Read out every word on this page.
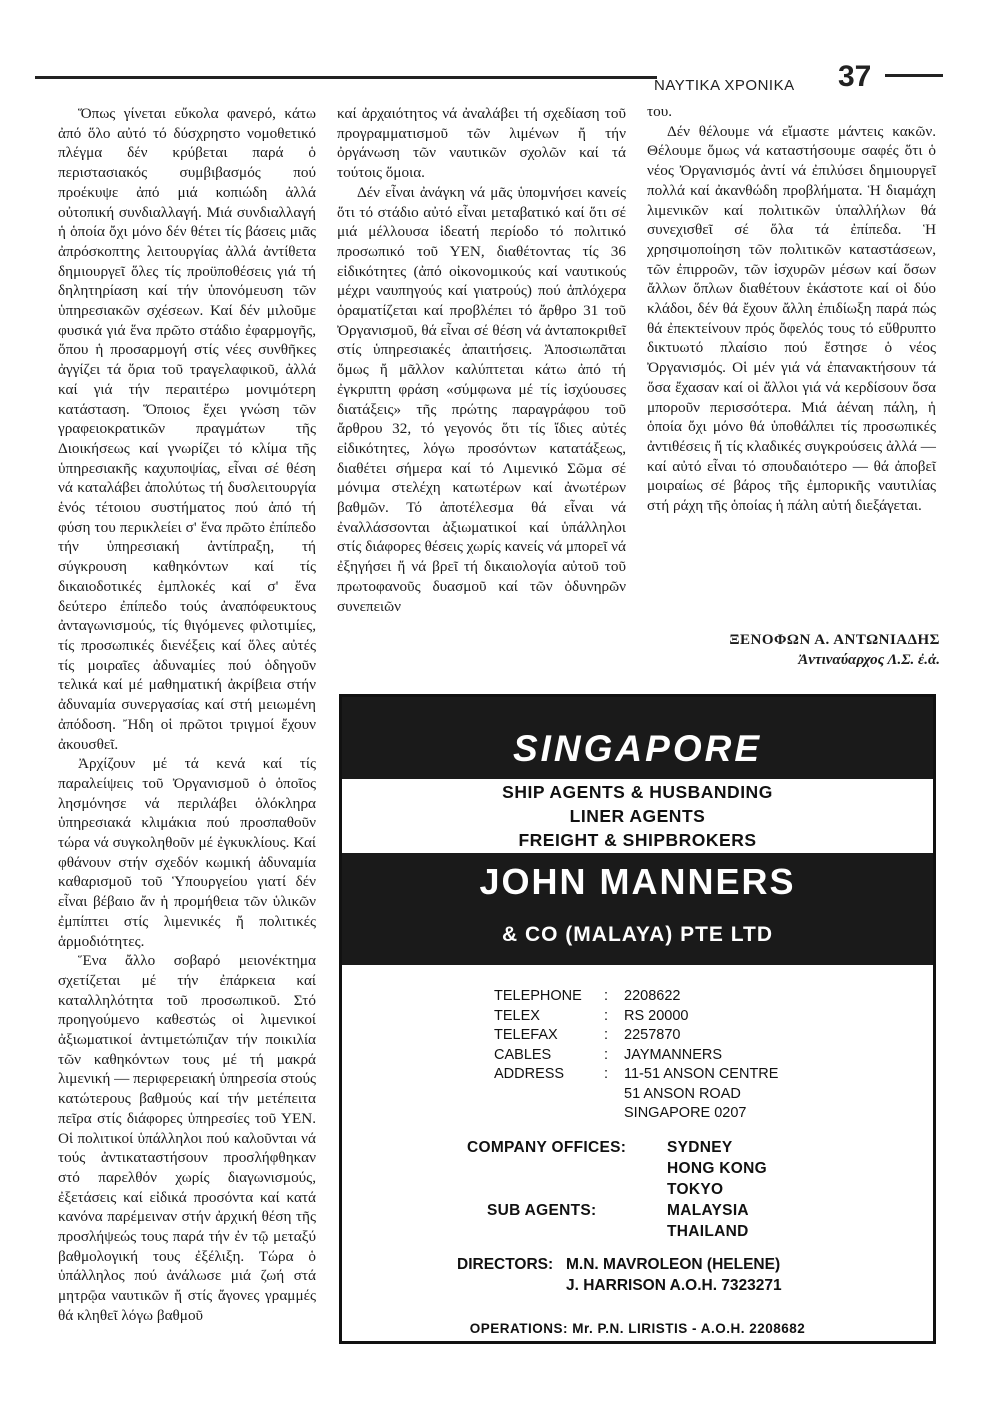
ΝΑΥΤΙΚΑ ΧΡΟΝΙΚΑ 37

Ὅπως γίνεται εὔκολα φανερό, κάτω ἀπό ὅλο αὐτό τό δύσχρηστο νομοθετικό πλέγμα δέν κρύβεται παρά ὁ περιστασιακός συμβιβασμός πού προέκυψε ἀπό μιά κοπιώδη ἀλλά οὐτοπική συνδιαλλαγή. Μιά συνδιαλλαγή ἡ ὁποία ὄχι μόνο δέν θέτει τίς βάσεις μιᾶς ἀπρόσκοπτης λειτουργίας ἀλλά ἀντίθετα δημιουργεῖ ὅλες τίς προϋποθέσεις γιά τή δηλητηρίαση καί τήν ὑπονόμευση τῶν ὑπηρεσιακῶν σχέσεων. Καί δέν μιλοῦμε φυσικά γιά ἕνα πρῶτο στάδιο ἐφαρμογῆς, ὅπου ἡ προσαρμογή στίς νέες συνθῆκες ἀγγίζει τά ὅρια τοῦ τραγελαφικοῦ, ἀλλά καί γιά τήν περαιτέρω μονιμότερη κατάσταση. Ὅποιος ἔχει γνώση τῶν γραφειοκρατικῶν πραγμάτων τῆς Διοικήσεως καί γνωρίζει τό κλίμα τῆς ὑπηρεσιακῆς καχυποψίας, εἶναι σέ θέση νά καταλάβει ἀπολύτως τή δυσλειτουργία ἑνός τέτοιου συστήματος πού ἀπό τή φύση του περικλείει σ' ἕνα πρῶτο ἐπίπεδο τήν ὑπηρεσιακή ἀντίπραξη, τή σύγκρουση καθηκόντων καί τίς δικαιοδοτικές ἐμπλοκές καί σ' ἕνα δεύτερο ἐπίπεδο τούς ἀναπόφευκτους ἀνταγωνισμούς, τίς θιγόμενες φιλοτιμίες, τίς προσωπικές διενέξεις καί ὅλες αὐτές τίς μοιραῖες ἀδυναμίες πού ὁδηγοῦν τελικά καί μέ μαθηματική ἀκρίβεια στήν ἀδυναμία συνεργασίας καί στή μειωμένη ἀπόδοση. Ἤδη οἱ πρῶτοι τριγμοί ἔχουν ἀκουσθεῖ.

Ἀρχίζουν μέ τά κενά καί τίς παραλείψεις τοῦ Ὀργανισμοῦ ὁ ὁποῖος λησμόνησε νά περιλάβει ὁλόκληρα ὑπηρεσιακά κλιμάκια πού προσπαθοῦν τώρα νά συγκοληθοῦν μέ ἐγκυκλίους. Καί φθάνουν στήν σχεδόν κωμική ἀδυναμία καθαρισμοῦ τοῦ Ὑπουργείου γιατί δέν εἶναι βέβαιο ἄν ἡ προμήθεια τῶν ὑλικῶν ἐμπίπτει στίς λιμενικές ἤ πολιτικές ἁρμοδιότητες.

Ἕνα ἄλλο σοβαρό μειονέκτημα σχετίζεται μέ τήν ἐπάρκεια καί καταλληλότητα τοῦ προσωπικοῦ. Στό προηγούμενο καθεστώς οἱ λιμενικοί ἀξιωματικοί ἀντιμετώπιζαν τήν ποικιλία τῶν καθηκόντων τους μέ τή μακρά λιμενική — περιφερειακή ὑπηρεσία στούς κατώτερους βαθμούς καί τήν μετέπειτα πεῖρα στίς διάφορες ὑπηρεσίες τοῦ ΥΕΝ. Οἱ πολιτικοί ὑπάλληλοι πού καλοῦνται νά τούς ἀντικαταστήσουν προσλήφθηκαν στό παρελθόν χωρίς διαγωνισμούς, ἐξετάσεις καί εἰδικά προσόντα καί κατά κανόνα παρέμειναν στήν ἀρχική θέση τῆς προσλήψεώς τους παρά τήν ἐν τῷ μεταξύ βαθμολογική τους ἐξέλιξη. Τώρα ὁ ὑπάλληλος πού ἀνάλωσε μιά ζωή στά μητρῷα ναυτικῶν ἤ στίς ἄγονες γραμμές θά κληθεῖ λόγω βαθμοῦ

καί ἀρχαιότητος νά ἀναλάβει τή σχεδίαση τοῦ προγραμματισμοῦ τῶν λιμένων ἤ τήν ὀργάνωση τῶν ναυτικῶν σχολῶν καί τά τούτοις ὅμοια.

Δέν εἶναι ἀνάγκη νά μᾶς ὑπομνήσει κανείς ὅτι τό στάδιο αὐτό εἶναι μεταβατικό καί ὅτι σέ μιά μέλλουσα ἰδεατή περίοδο τό πολιτικό προσωπικό τοῦ ΥΕΝ, διαθέτοντας τίς 36 εἰδικότητες (ἀπό οἰκονομικούς καί ναυτικούς μέχρι ναυπηγούς καί γιατρούς) πού ἁπλόχερα ὁραματίζεται καί προβλέπει τό ἄρθρο 31 τοῦ Ὀργανισμοῦ, θά εἶναι σέ θέση νά ἀνταποκριθεῖ στίς ὑπηρεσιακές ἀπαιτήσεις. Ἀποσιωπᾶται ὅμως ἤ μᾶλλον καλύπτεται κάτω ἀπό τή ἐγκριπτη φράση «σύμφωνα μέ τίς ἰσχύουσες διατάξεις» τῆς πρώτης παραγράφου τοῦ ἄρθρου 32, τό γεγονός ὅτι τίς ἴδιες αὐτές εἰδικότητες, λόγω προσόντων κατατάξεως, διαθέτει σήμερα καί τό Λιμενικό Σῶμα σέ μόνιμα στελέχη κατωτέρων καί ἀνωτέρων βαθμῶν. Τό ἀποτέλεσμα θά εἶναι νά ἐναλλάσσονται ἀξιωματικοί καί ὑπάλληλοι στίς διάφορες θέσεις χωρίς κανείς νά μπορεῖ νά ἐξηγήσει ἤ νά βρεῖ τή δικαιολογία αὐτοῦ τοῦ πρωτοφανοῦς δυασμοῦ καί τῶν ὀδυνηρῶν συνεπειῶν

του.

Δέν θέλουμε νά εἴμαστε μάντεις κακῶν. Θέλουμε ὅμως νά καταστήσουμε σαφές ὅτι ὁ νέος Ὀργανισμός ἀντί νά ἐπιλύσει δημιουργεῖ πολλά καί ἀκανθώδη προβλήματα. Ἡ διαμάχη λιμενικῶν καί πολιτικῶν ὑπαλλήλων θά συνεχισθεῖ σέ ὅλα τά ἐπίπεδα. Ἡ χρησιμοποίηση τῶν πολιτικῶν καταστάσεων, τῶν ἐπιρροῶν, τῶν ἰσχυρῶν μέσων καί ὅσων ἄλλων ὅπλων διαθέτουν ἑκάστοτε καί οἱ δύο κλάδοι, δέν θά ἔχουν ἄλλη ἐπιδίωξη παρά πώς θά ἐπεκτείνουν πρός ὄφελός τους τό εὔθρυπτο δικτυωτό πλαίσιο πού ἔστησε ὁ νέος Ὀργανισμός. Οἱ μέν γιά νά ἐπανακτήσουν τά ὅσα ἔχασαν καί οἱ ἄλλοι γιά νά κερδίσουν ὅσα μποροῦν περισσότερα. Μιά ἀέναη πάλη, ἡ ὁποία ὄχι μόνο θά ὑποθάλπει τίς προσωπικές ἀντιθέσεις ἤ τίς κλαδικές συγκρούσεις ἀλλά — καί αὐτό εἶναι τό σπουδαιότερο — θά ἀποβεῖ μοιραίως σέ βάρος τῆς ἐμπορικῆς ναυτιλίας στή ράχη τῆς ὁποίας ἡ πάλη αὐτή διεξάγεται.

ΞΕΝΟΦΩΝ Α. ΑΝΤΩΝΙΑΔΗΣ
Ἀντιναύαρχος Λ.Σ. ἐ.ἀ.
SINGAPORE
SHIP AGENTS & HUSBANDING
LINER AGENTS
FREIGHT & SHIPBROKERS
JOHN MANNERS
& CO (MALAYA) PTE LTD
TELEPHONE	:	2208622
TELEX	:	RS 20000
TELEFAX	:	2257870
CABLES	:	JAYMANNERS
ADDRESS	:	11-51 ANSON CENTRE
51 ANSON ROAD
SINGAPORE 0207
COMPANY OFFICES:	SYDNEY
HONG KONG
TOKYO
SUB AGENTS:	MALAYSIA
THAILAND
DIRECTORS: M.N. MAVROLEON (HELENE)
J. HARRISON A.O.H. 7323271
OPERATIONS: Mr. P.N. LIRISTIS - A.O.H. 2208682
